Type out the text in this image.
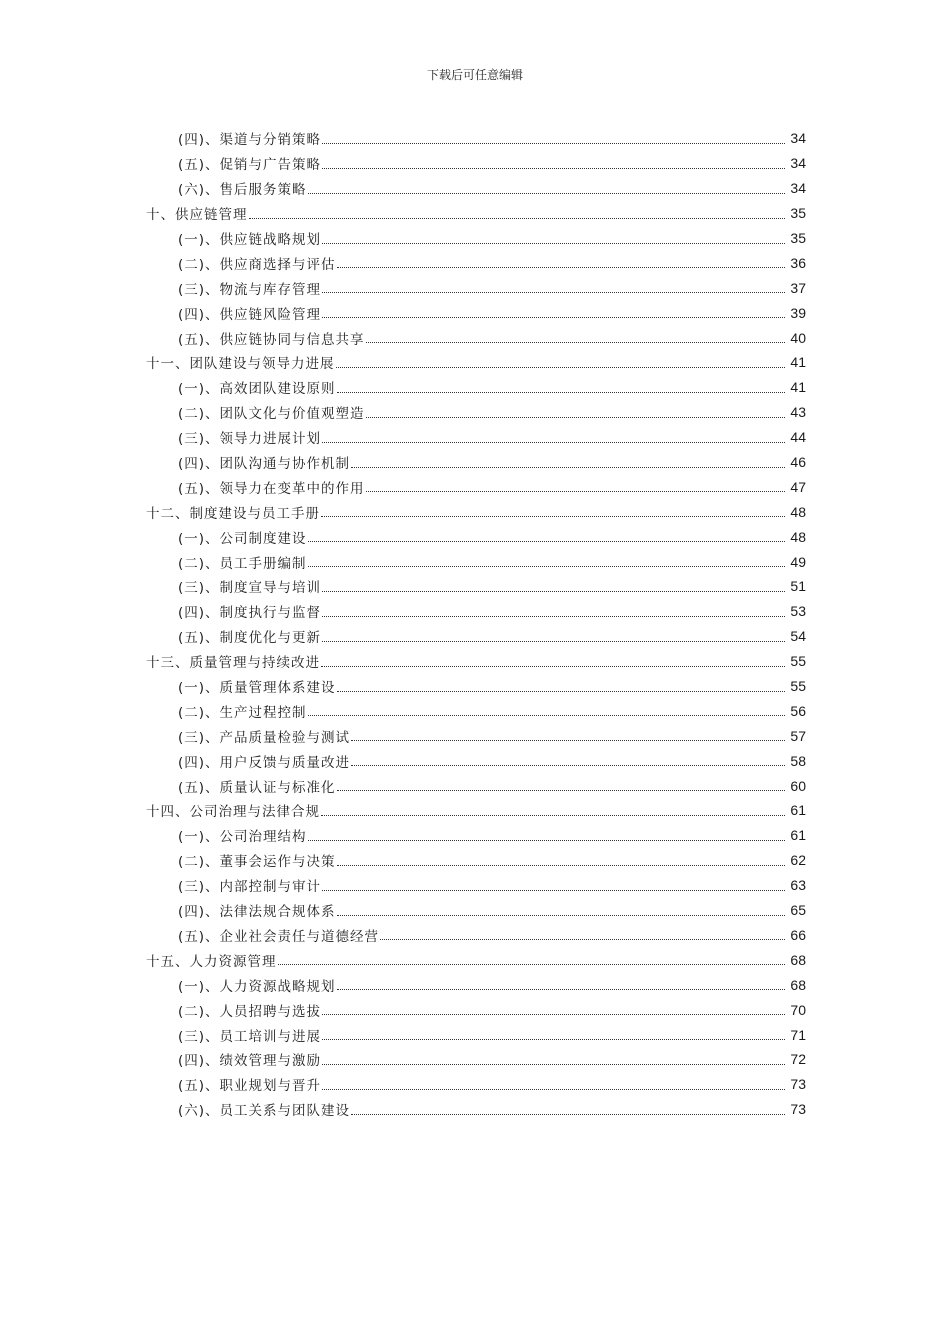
下载后可任意编辑
(四)、渠道与分销策略	34
(五)、促销与广告策略	34
(六)、售后服务策略	34
十、供应链管理	35
(一)、供应链战略规划	35
(二)、供应商选择与评估	36
(三)、物流与库存管理	37
(四)、供应链风险管理	39
(五)、供应链协同与信息共享	40
十一、团队建设与领导力进展	41
(一)、高效团队建设原则	41
(二)、团队文化与价值观塑造	43
(三)、领导力进展计划	44
(四)、团队沟通与协作机制	46
(五)、领导力在变革中的作用	47
十二、制度建设与员工手册	48
(一)、公司制度建设	48
(二)、员工手册编制	49
(三)、制度宣导与培训	51
(四)、制度执行与监督	53
(五)、制度优化与更新	54
十三、质量管理与持续改进	55
(一)、质量管理体系建设	55
(二)、生产过程控制	56
(三)、产品质量检验与测试	57
(四)、用户反馈与质量改进	58
(五)、质量认证与标准化	60
十四、公司治理与法律合规	61
(一)、公司治理结构	61
(二)、董事会运作与决策	62
(三)、内部控制与审计	63
(四)、法律法规合规体系	65
(五)、企业社会责任与道德经营	66
十五、人力资源管理	68
(一)、人力资源战略规划	68
(二)、人员招聘与选拔	70
(三)、员工培训与进展	71
(四)、绩效管理与激励	72
(五)、职业规划与晋升	73
(六)、员工关系与团队建设	73
